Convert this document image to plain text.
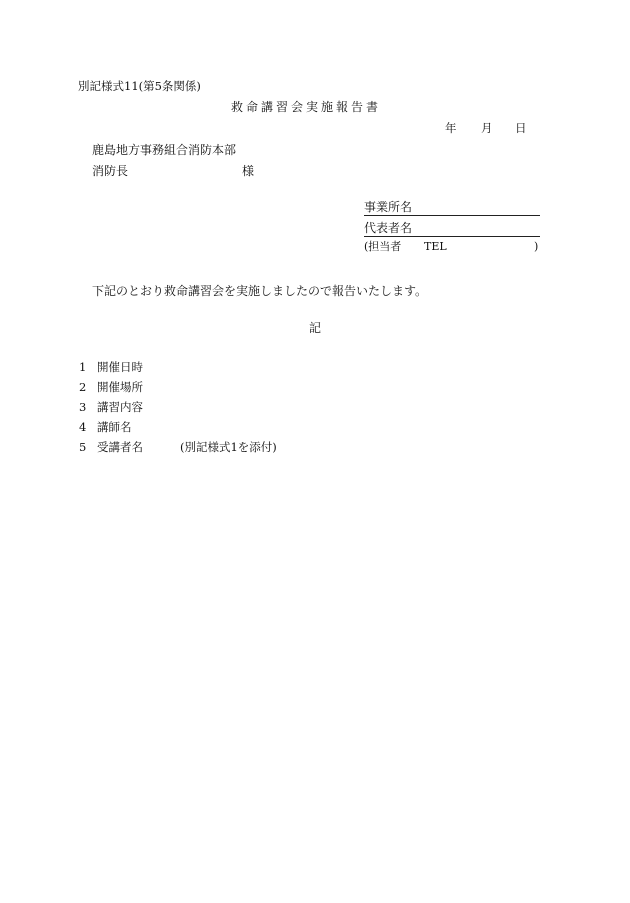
別記様式11(第5条関係)
救命講習会実施報告書
年 月 日
鹿島地方事務組合消防本部
消防長	様
事業所名
代表者名
(担当者 TEL	)
下記のとおり救命講習会を実施しましたので報告いたします。
記
1 開催日時
2 開催場所
3 講習内容
4 講師名
5 受講者名	(別記様式1を添付)
